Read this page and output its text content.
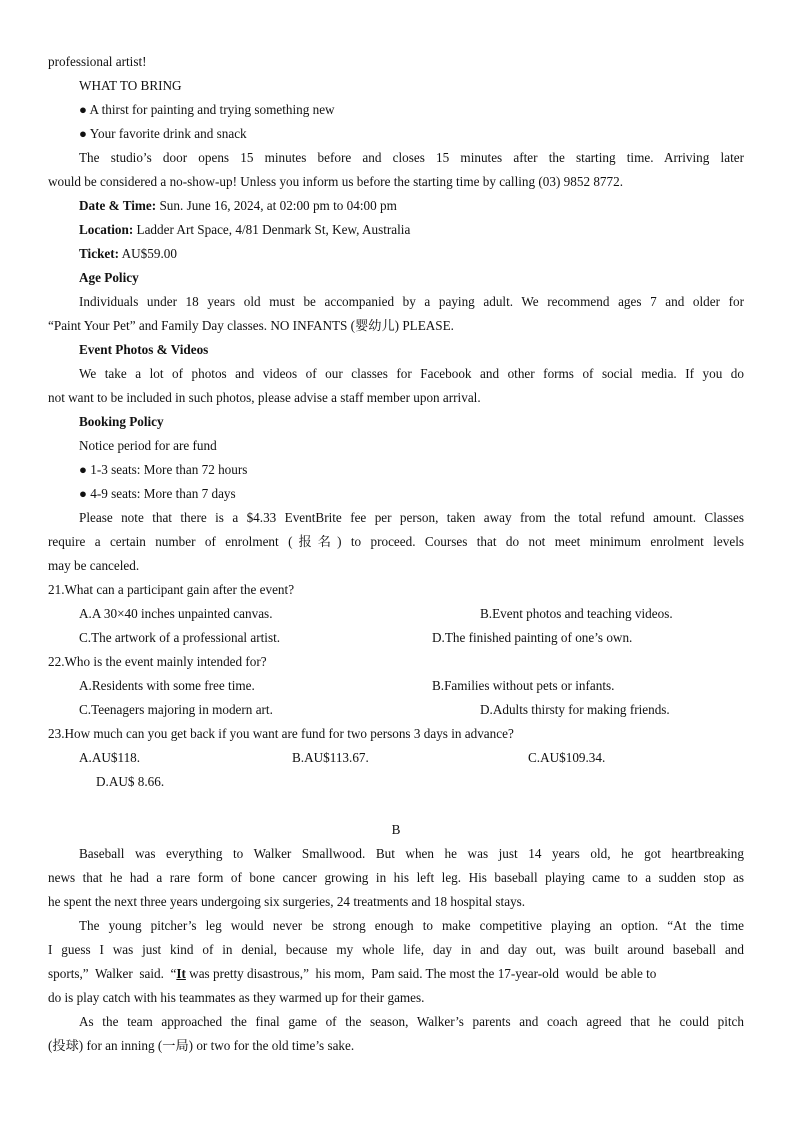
professional artist!
WHAT TO BRING
● A thirst for painting and trying something new
● Your favorite drink and snack
The studio’s door opens 15 minutes before and closes 15 minutes after the starting time. Arriving later
would be considered a no-show-up! Unless you inform us before the starting time by calling (03) 9852 8772.
Date & Time: Sun. June 16, 2024, at 02:00 pm to 04:00 pm
Location: Ladder Art Space, 4/81 Denmark St, Kew, Australia
Ticket: AU$59.00
Age Policy
Individuals under 18 years old must be accompanied by a paying adult. We recommend ages 7 and older for
“Paint Your Pet” and Family Day classes. NO INFANTS (婴幼儿) PLEASE.
Event Photos & Videos
We take a lot of photos and videos of our classes for Facebook and other forms of social media. If you do
not want to be included in such photos, please advise a staff member upon arrival.
Booking Policy
Notice period for are fund
● 1-3 seats: More than 72 hours
● 4-9 seats: More than 7 days
Please note that there is a $4.33 EventBrite fee per person, taken away from the total refund amount. Classes
require a certain number of enrolment (报名) to proceed. Courses that do not meet minimum enrolment levels
may be canceled.
21.What can a participant gain after the event?
A.A 30×40 inches unpainted canvas.	B.Event photos and teaching videos.
C.The artwork of a professional artist.	D.The finished painting of one’s own.
22.Who is the event mainly intended for?
A.Residents with some free time.	B.Families without pets or infants.
C.Teenagers majoring in modern art.	D.Adults thirsty for making friends.
23.How much can you get back if you want are fund for two persons 3 days in advance?
A.AU$118.	B.AU$113.67.	C.AU$109.34.
D.AU$ 8.66.
B
Baseball was everything to Walker Smallwood. But when he was just 14 years old, he got heartbreaking
news that he had a rare form of bone cancer growing in his left leg. His baseball playing came to a sudden stop as
he spent the next three years undergoing six surgeries, 24 treatments and 18 hospital stays.
The young pitcher’s leg would never be strong enough to make competitive playing an option. “At the time
I guess I was just kind of in denial, because my whole life, day in and day out, was built around baseball and
sports,”  Walker  said.  “It was pretty disastrous,”  his mom,  Pam said. The most the 17-year-old  would  be able to
do is play catch with his teammates as they warmed up for their games.
As the team approached the final game of the season, Walker’s parents and coach agreed that he could pitch
(投球) for an inning (一局) or two for the old time’s sake.
